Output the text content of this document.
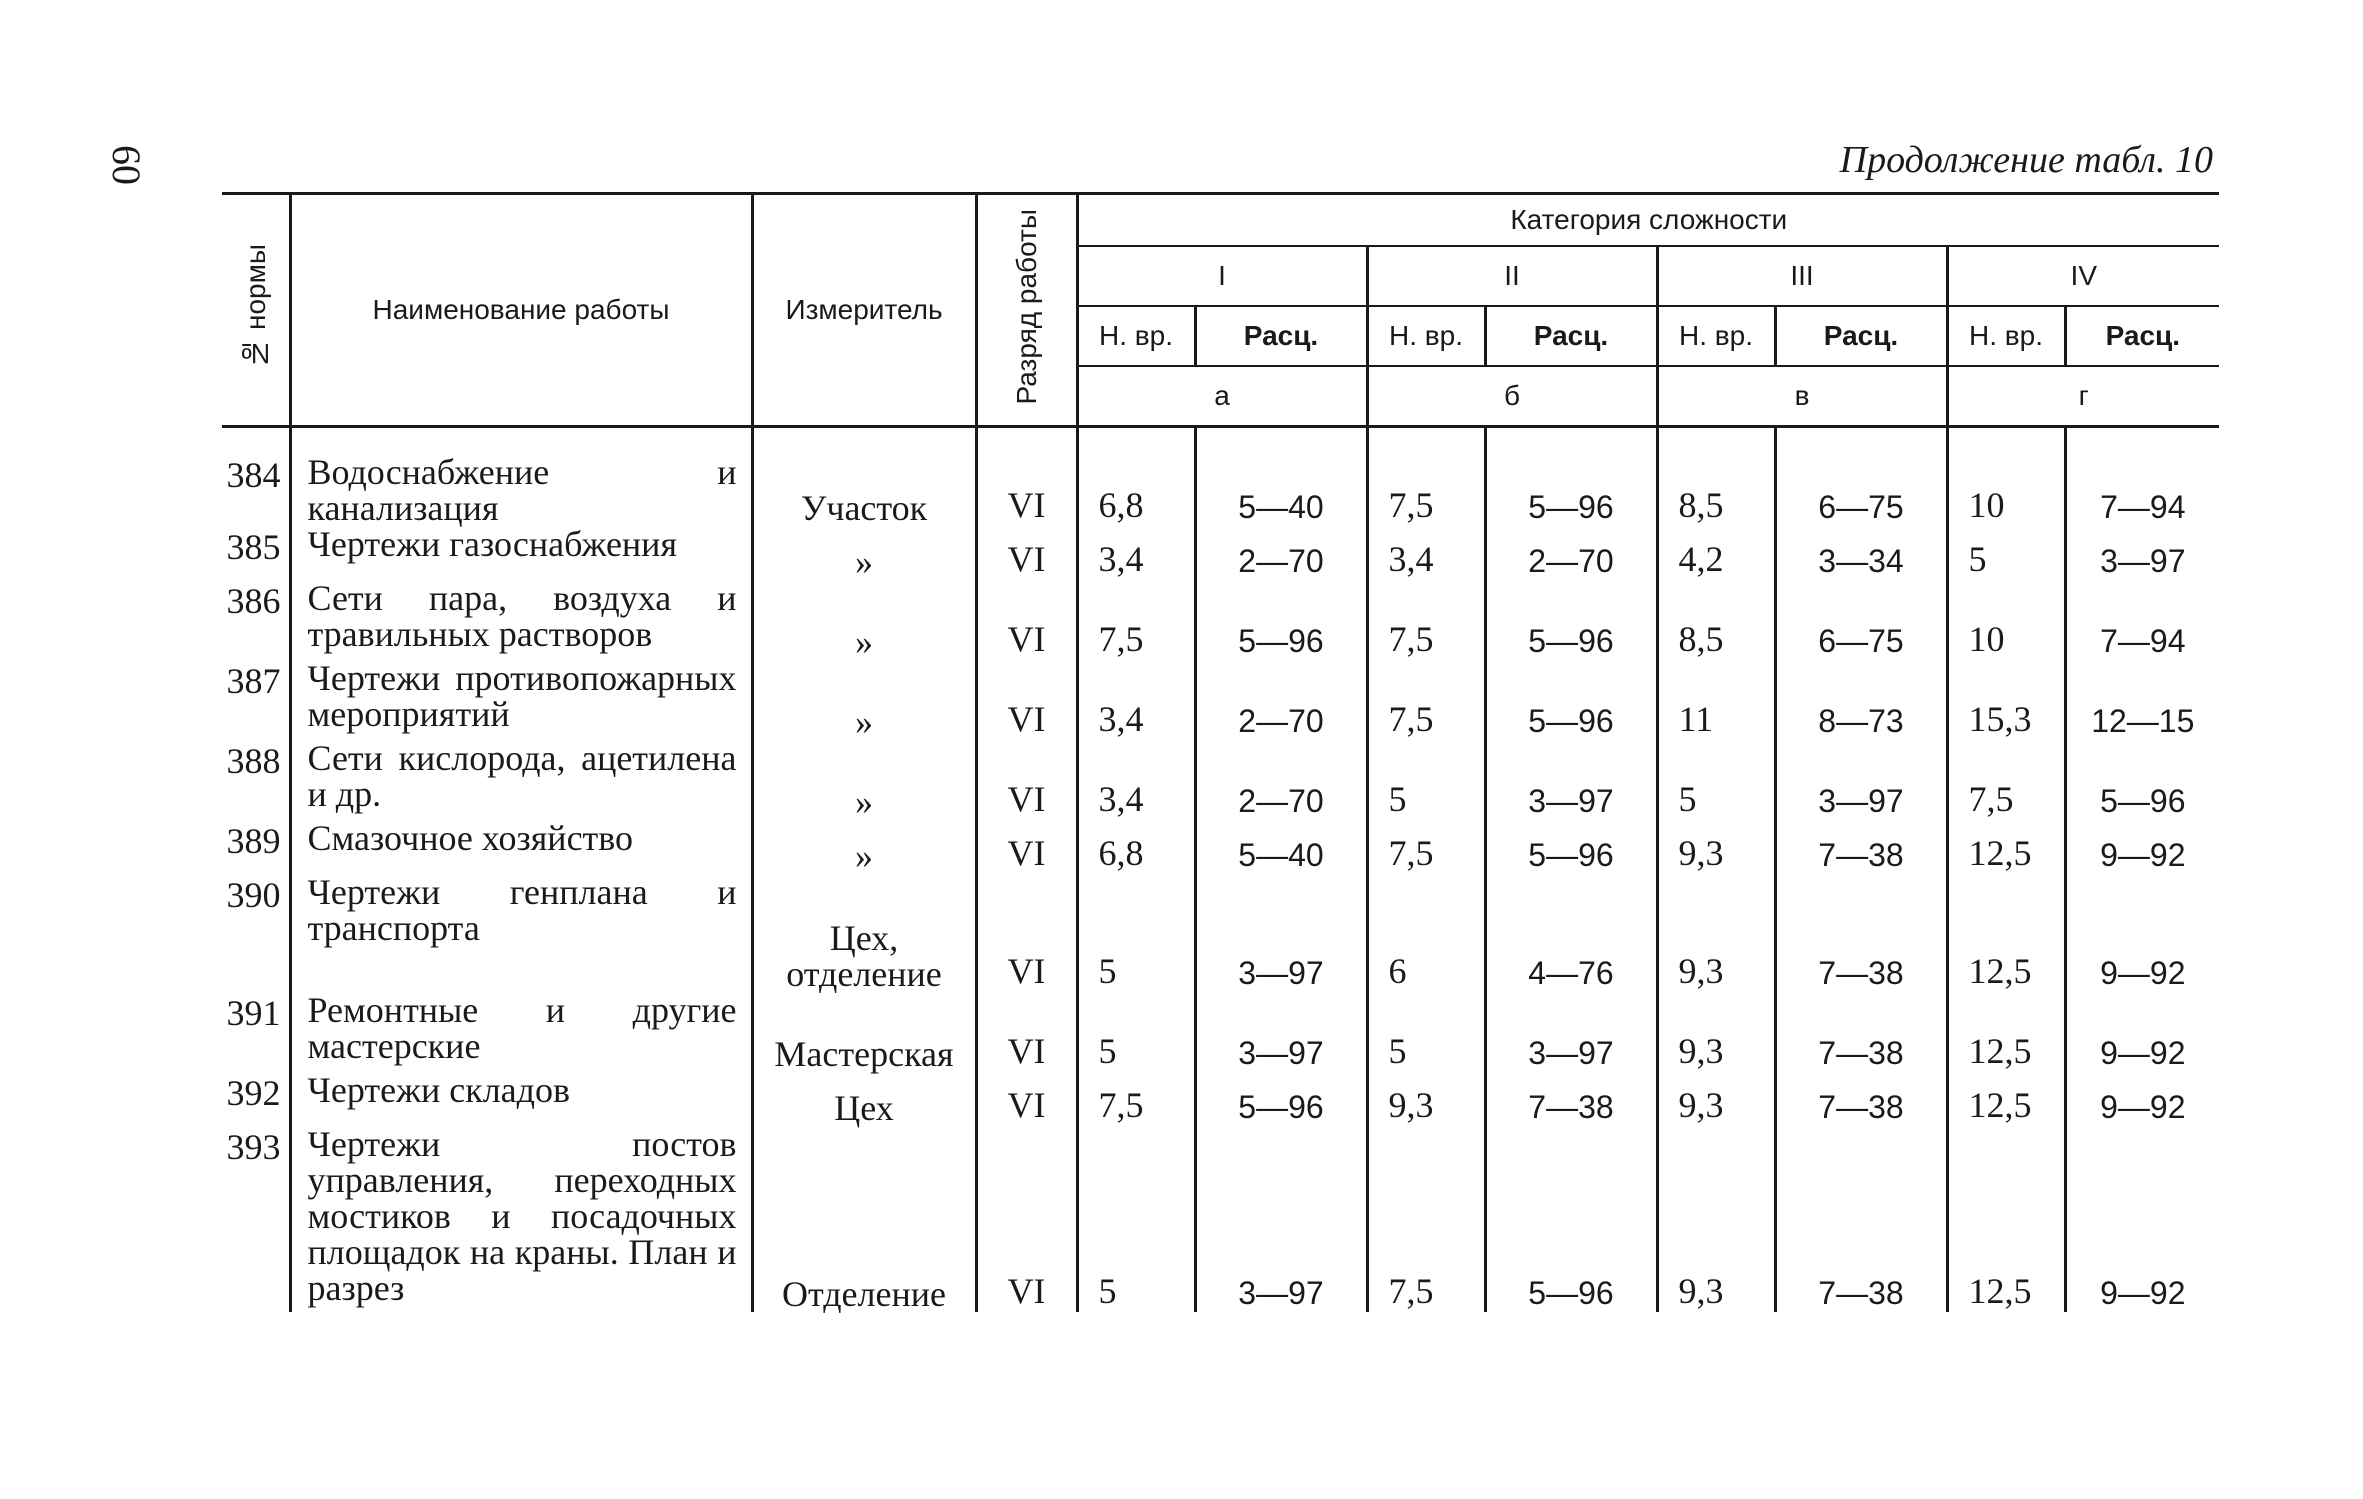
60	Продолжение табл. 10
№ нормы	Наименование работы	Измеритель	Разряд работы	Категория сложности							
				I		II		III		IV	
				Н. вр.	Расц.	Н. вр.	Расц.	Н. вр.	Расц.	Н. вр.	Расц.
				а		б		в		г	

384	Водоснабжение и канализация	Участок	VI	6,8	5—40	7,5	5—96	8,5	6—75	10	7—94
385	Чертежи газоснабжения	»	VI	3,4	2—70	3,4	2—70	4,2	3—34	5	3—97
386	Сети пара, воздуха и травильных растворов	»	VI	7,5	5—96	7,5	5—96	8,5	6—75	10	7—94
387	Чертежи противопожарных мероприятий	»	VI	3,4	2—70	7,5	5—96	11	8—73	15,3	12—15
388	Сети кислорода, ацетилена и др.	»	VI	3,4	2—70	5	3—97	5	3—97	7,5	5—96
389	Смазочное хозяйство	»	VI	6,8	5—40	7,5	5—96	9,3	7—38	12,5	9—92
390	Чертежи генплана и транспорта	Цех, отделение	VI	5	3—97	6	4—76	9,3	7—38	12,5	9—92
391	Ремонтные и другие мастерские	Мастерская	VI	5	3—97	5	3—97	9,3	7—38	12,5	9—92
392	Чертежи складов	Цех	VI	7,5	5—96	9,3	7—38	9,3	7—38	12,5	9—92
393	Чертежи постов управления, переходных мостиков и посадочных площадок на краны. План и разрез	Отделение	VI	5	3—97	7,5	5—96	9,3	7—38	12,5	9—92
